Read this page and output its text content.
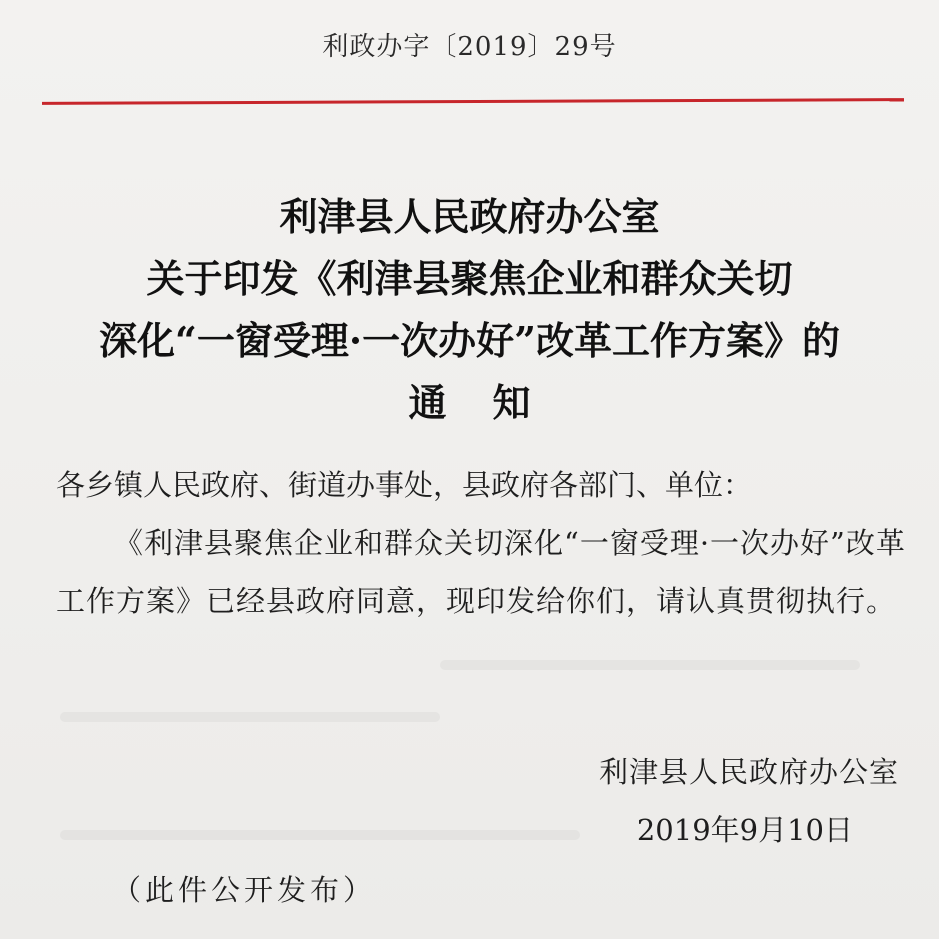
利政办字〔2019〕29号
利津县人民政府办公室
关于印发《利津县聚焦企业和群众关切
深化“一窗受理·一次办好”改革工作方案》的
通知
各乡镇人民政府、街道办事处，县政府各部门、单位：
《利津县聚焦企业和群众关切深化“一窗受理·一次办好”改革工作方案》已经县政府同意，现印发给你们，请认真贯彻执行。
利津县人民政府办公室
2019年9月10日
（此件公开发布）
